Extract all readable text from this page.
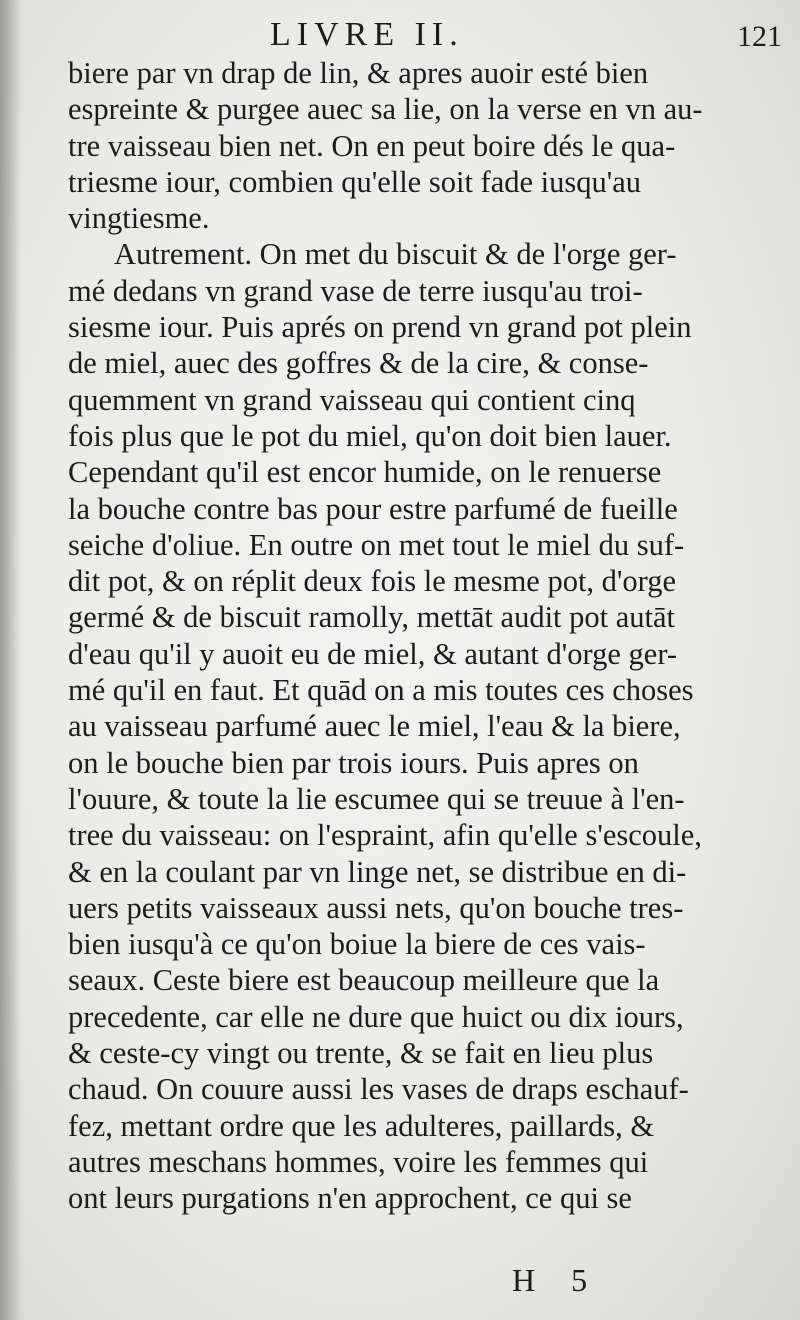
LIVRE II.	121
biere par vn drap de lin, & apres auoir esté bien
espreinte & purgee auec sa lie, on la verse en vn au-
tre vaisseau bien net. On en peut boire dés le qua-
triesme iour, combien qu'elle soit fade iusqu'au
vingtiesme.
Autrement. On met du biscuit & de l'orge ger-
mé dedans vn grand vase de terre iusqu'au troi-
siesme iour. Puis aprés on prend vn grand pot plein
de miel, auec des goffres & de la cire, & conse-
quemment vn grand vaisseau qui contient cinq
fois plus que le pot du miel, qu'on doit bien lauer.
Cependant qu'il est encor humide, on le renuerse
la bouche contre bas pour estre parfumé de fueille
seiche d'oliue. En outre on met tout le miel du suf-
dit pot, & on réplit deux fois le mesme pot, d'orge
germé & de biscuit ramolly, mettāt audit pot autāt
d'eau qu'il y auoit eu de miel, & autant d'orge ger-
mé qu'il en faut. Et quād on a mis toutes ces choses
au vaisseau parfumé auec le miel, l'eau & la biere,
on le bouche bien par trois iours. Puis apres on
l'ouure, & toute la lie escumee qui se treuue à l'en-
tree du vaisseau: on l'espraint, afin qu'elle s'escoule,
& en la coulant par vn linge net, se distribue en di-
uers petits vaisseaux aussi nets, qu'on bouche tres-
bien iusqu'à ce qu'on boiue la biere de ces vais-
seaux. Ceste biere est beaucoup meilleure que la
precedente, car elle ne dure que huict ou dix iours,
& ceste-cy vingt ou trente, & se fait en lieu plus
chaud. On couure aussi les vases de draps eschauf-
fez, mettant ordre que les adulteres, paillards, &
autres meschans hommes, voire les femmes qui
ont leurs purgations n'en approchent, ce qui se
H 5
